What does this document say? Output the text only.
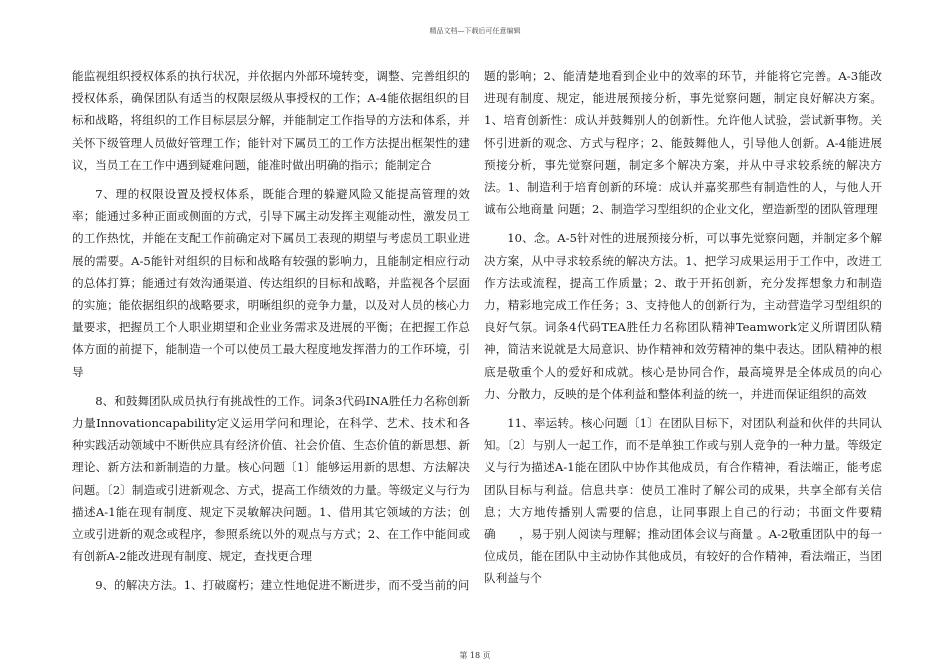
精品文档—下载后可任意编辑

能监视组织授权体系的执行状况，并依据内外部环境转变，调整、完善组织的授权体系，确保团队有适当的权限层级从事授权的工作；A-4能依据组织的目标和战略，将组织的工作目标层层分解，并能制定工作指导的方法和体系，并关怀下级管理人员做好管理工作；能针对下属员工的工作方法提出框架性的建议，当员工在工作中遇到疑难问题，能准时做出明确的指示；能制定合

7、理的权限设置及授权体系，既能合理的躲避风险又能提高管理的效率；能通过多种正面或侧面的方式，引导下属主动发挥主观能动性，激发员工的工作热忱，并能在支配工作前确定对下属员工表现的期望与考虑员工职业进展的需要。A-5能针对组织的目标和战略有较强的影响力，且能制定相应行动的总体打算；能通过有效沟通渠道、传达组织的目标和战略，并监视各个层面的实施；能依据组织的战略要求，明晰组织的竞争力量，以及对人员的核心力量要求，把握员工个人职业期望和企业业务需求及进展的平衡；在把握工作总体方面的前提下，能制造一个可以使员工最大程度地发挥潜力的工作环境，引导

8、和鼓舞团队成员执行有挑战性的工作。词条3代码INA胜任力名称创新力量Innovationcapability定义运用学问和理论，在科学、艺术、技术和各种实践活动领域中不断供应具有经济价值、社会价值、生态价值的新思想、新理论、新方法和新制造的力量。核心问题〔1〕能够运用新的思想、方法解决问题。〔2〕制造或引进新观念、方式，提高工作绩效的力量。等级定义与行为描述A-1能在现有制度、规定下灵敏解决问题。1、借用其它领域的方法；创立或引进新的观念或程序，参照系统以外的观点与方式；2、在工作中能间或有创新A-2能改进现有制度、规定，查找更合理

9、的解决方法。1、打破腐朽；建立性地促进不断进步，而不受当前的问

题的影响；2、能清楚地看到企业中的效率的环节，并能将它完善。A-3能改进现有制度、规定，能进展预接分析，事先觉察问题，制定良好解决方案。1、培育创新性：成认并鼓舞别人的创新性。允许他人试验，尝试新事物。关怀引进新的观念、方式与程序；2、能鼓舞他人，引导他人创新。A-4能进展预接分析，事先觉察问题，制定多个解决方案，并从中寻求较系统的解决方法。1、制造利于培育创新的环境：成认并嘉奖那些有制造性的人，与他人开诚布公地商量 问题；2、制造学习型组织的企业文化，塑造新型的团队管理理

10、念。A-5针对性的进展预接分析，可以事先觉察问题，并制定多个解决方案，从中寻求较系统的解决方法。1、把学习成果运用于工作中，改进工作方法或流程，提高工作质量；2、敢于开拓创新，充分发挥想象力和制造力，精彩地完成工作任务；3、支持他人的创新行为，主动营造学习型组织的良好气氛。词条4代码TEA胜任力名称团队精神Teamwork定义所谓团队精神，简洁来说就是大局意识、协作精神和效劳精神的集中表达。团队精神的根底是敬重个人的爱好和成就。核心是协同合作，最高境界是全体成员的向心力、分散力，反映的是个体利益和整体利益的统一，并进而保证组织的高效

11、率运转。核心问题〔1〕在团队目标下，对团队利益和伙伴的共同认知。〔2〕与别人一起工作，而不是单独工作或与别人竞争的一种力量。等级定义与行为描述A-1能在团队中协作其他成员，有合作精神，看法端正，能考虑团队目标与利益。信息共享：使员工准时了解公司的成果，共享全部有关信息；大方地传播别人需要的信息，让同事跟上自己的行动；书面文件要精确　　，易于别人阅读与理解；推动团体会议与商量 。A-2敬重团队中的每一位成员，能在团队中主动协作其他成员，有较好的合作精神，看法端正，当团队利益与个

第 18 页
